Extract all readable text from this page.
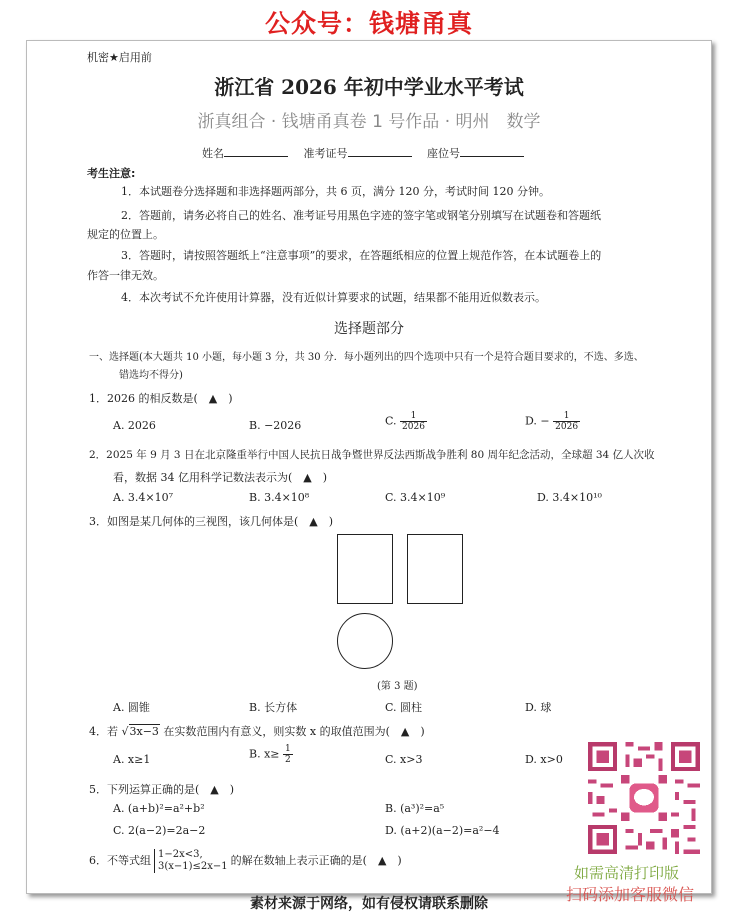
公众号：钱塘甬真
机密★启用前
浙江省 2026 年初中学业水平考试
浙真组合 · 钱塘甬真卷 1 号作品 · 明州　数学
姓名	准考证号	座位号
考生注意:
1．本试题卷分选择题和非选择题两部分，共 6 页，满分 120 分，考试时间 120 分钟。
2．答题前，请务必将自己的姓名、准考证号用黑色字迹的签字笔或钢笔分别填写在试题卷和答题纸
规定的位置上。
3．答题时，请按照答题纸上“注意事项”的要求，在答题纸相应的位置上规范作答，在本试题卷上的
作答一律无效。
4．本次考试不允许使用计算器，没有近似计算要求的试题，结果都不能用近似数表示。
选择题部分
一、选择题(本大题共 10 小题，每小题 3 分，共 30 分．每小题列出的四个选项中只有一个是符合题目要求的，不选、多选、
错选均不得分)
1．2026 的相反数是(　▲　)
A. 2026	B. −2026	C. $\frac{1}{2026}$	D. − $\frac{1}{2026}$
2．2025 年 9 月 3 日在北京隆重举行中国人民抗日战争暨世界反法西斯战争胜利 80 周年纪念活动，全球超 34 亿人次收
看，数据 34 亿用科学记数法表示为(　▲　)
A. 3.4×10⁷	B. 3.4×10⁸	C. 3.4×10⁹	D. 3.4×10¹⁰
3．如图是某几何体的三视图，该几何体是(　▲　)
(第 3 题)
A. 圆锥	B. 长方体	C. 圆柱	D. 球
4．若 √3x−3 在实数范围内有意义，则实数 x 的取值范围为(　▲　)
A. x≥1	B. $x\ge \frac{1}{2}$	C. x>3	D. x>0
5．下列运算正确的是(　▲　)
A. (a+b)²=a²+b²	B. (a³)²=a⁵
C. 2(a−2)=2a−2	D. (a+2)(a−2)=a²−4
6．不等式组 1−2x<3,
3(x−1)≤2x−1 的解在数轴上表示正确的是(　▲　)
如需高清打印版
扫码添加客服微信
素材来源于网络，如有侵权请联系删除
